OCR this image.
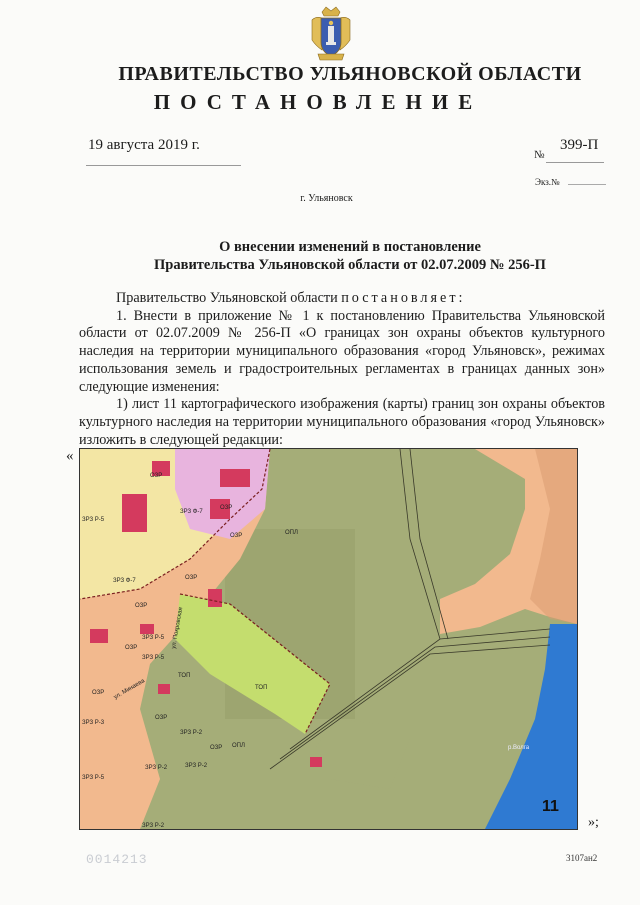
ПРАВИТЕЛЬСТВО УЛЬЯНОВСКОЙ ОБЛАСТИ
ПОСТАНОВЛЕНИЕ
19 августа 2019 г.
№
399-П
Экз.№
г. Ульяновск
О внесении изменений в постановление
Правительства Ульяновской области от 02.07.2009 № 256-П

Правительство Ульяновской области постановляет:

1. Внести в приложение № 1 к постановлению Правительства Ульяновской области от 02.07.2009 № 256-П «О границах зон охраны объектов культурного наследия на территории муниципального образования «город Ульяновск», режимах использования земель и градостроительных регламентах в границах данных зон» следующие изменения:

1) лист 11 картографического изображения (карты) границ зон охраны объектов культурного наследия на территории муниципального образования «город Ульяновск» изложить в следующей редакции:

«
ОПЛ
ТОП
ТОП
ОЗР
ОЗР
ОЗР
ОЗР
ОЗР
ОЗР
ОЗР
ОЗР
ОЗР
ЗРЗ Р-5
ЗРЗ Ф-7
ЗРЗ Ф-7
ЗРЗ Р-5
ЗРЗ Р-5
ЗРЗ Р-2
ЗРЗ Р-2	ЗРЗ Р-2
ЗРЗ Р-5
ЗРЗ Р-3
ЗРЗ Р-2
ОПЛ	р.Волга
ул. Покровская
ул. Минаева
11
»;
0014213	3107ан2
